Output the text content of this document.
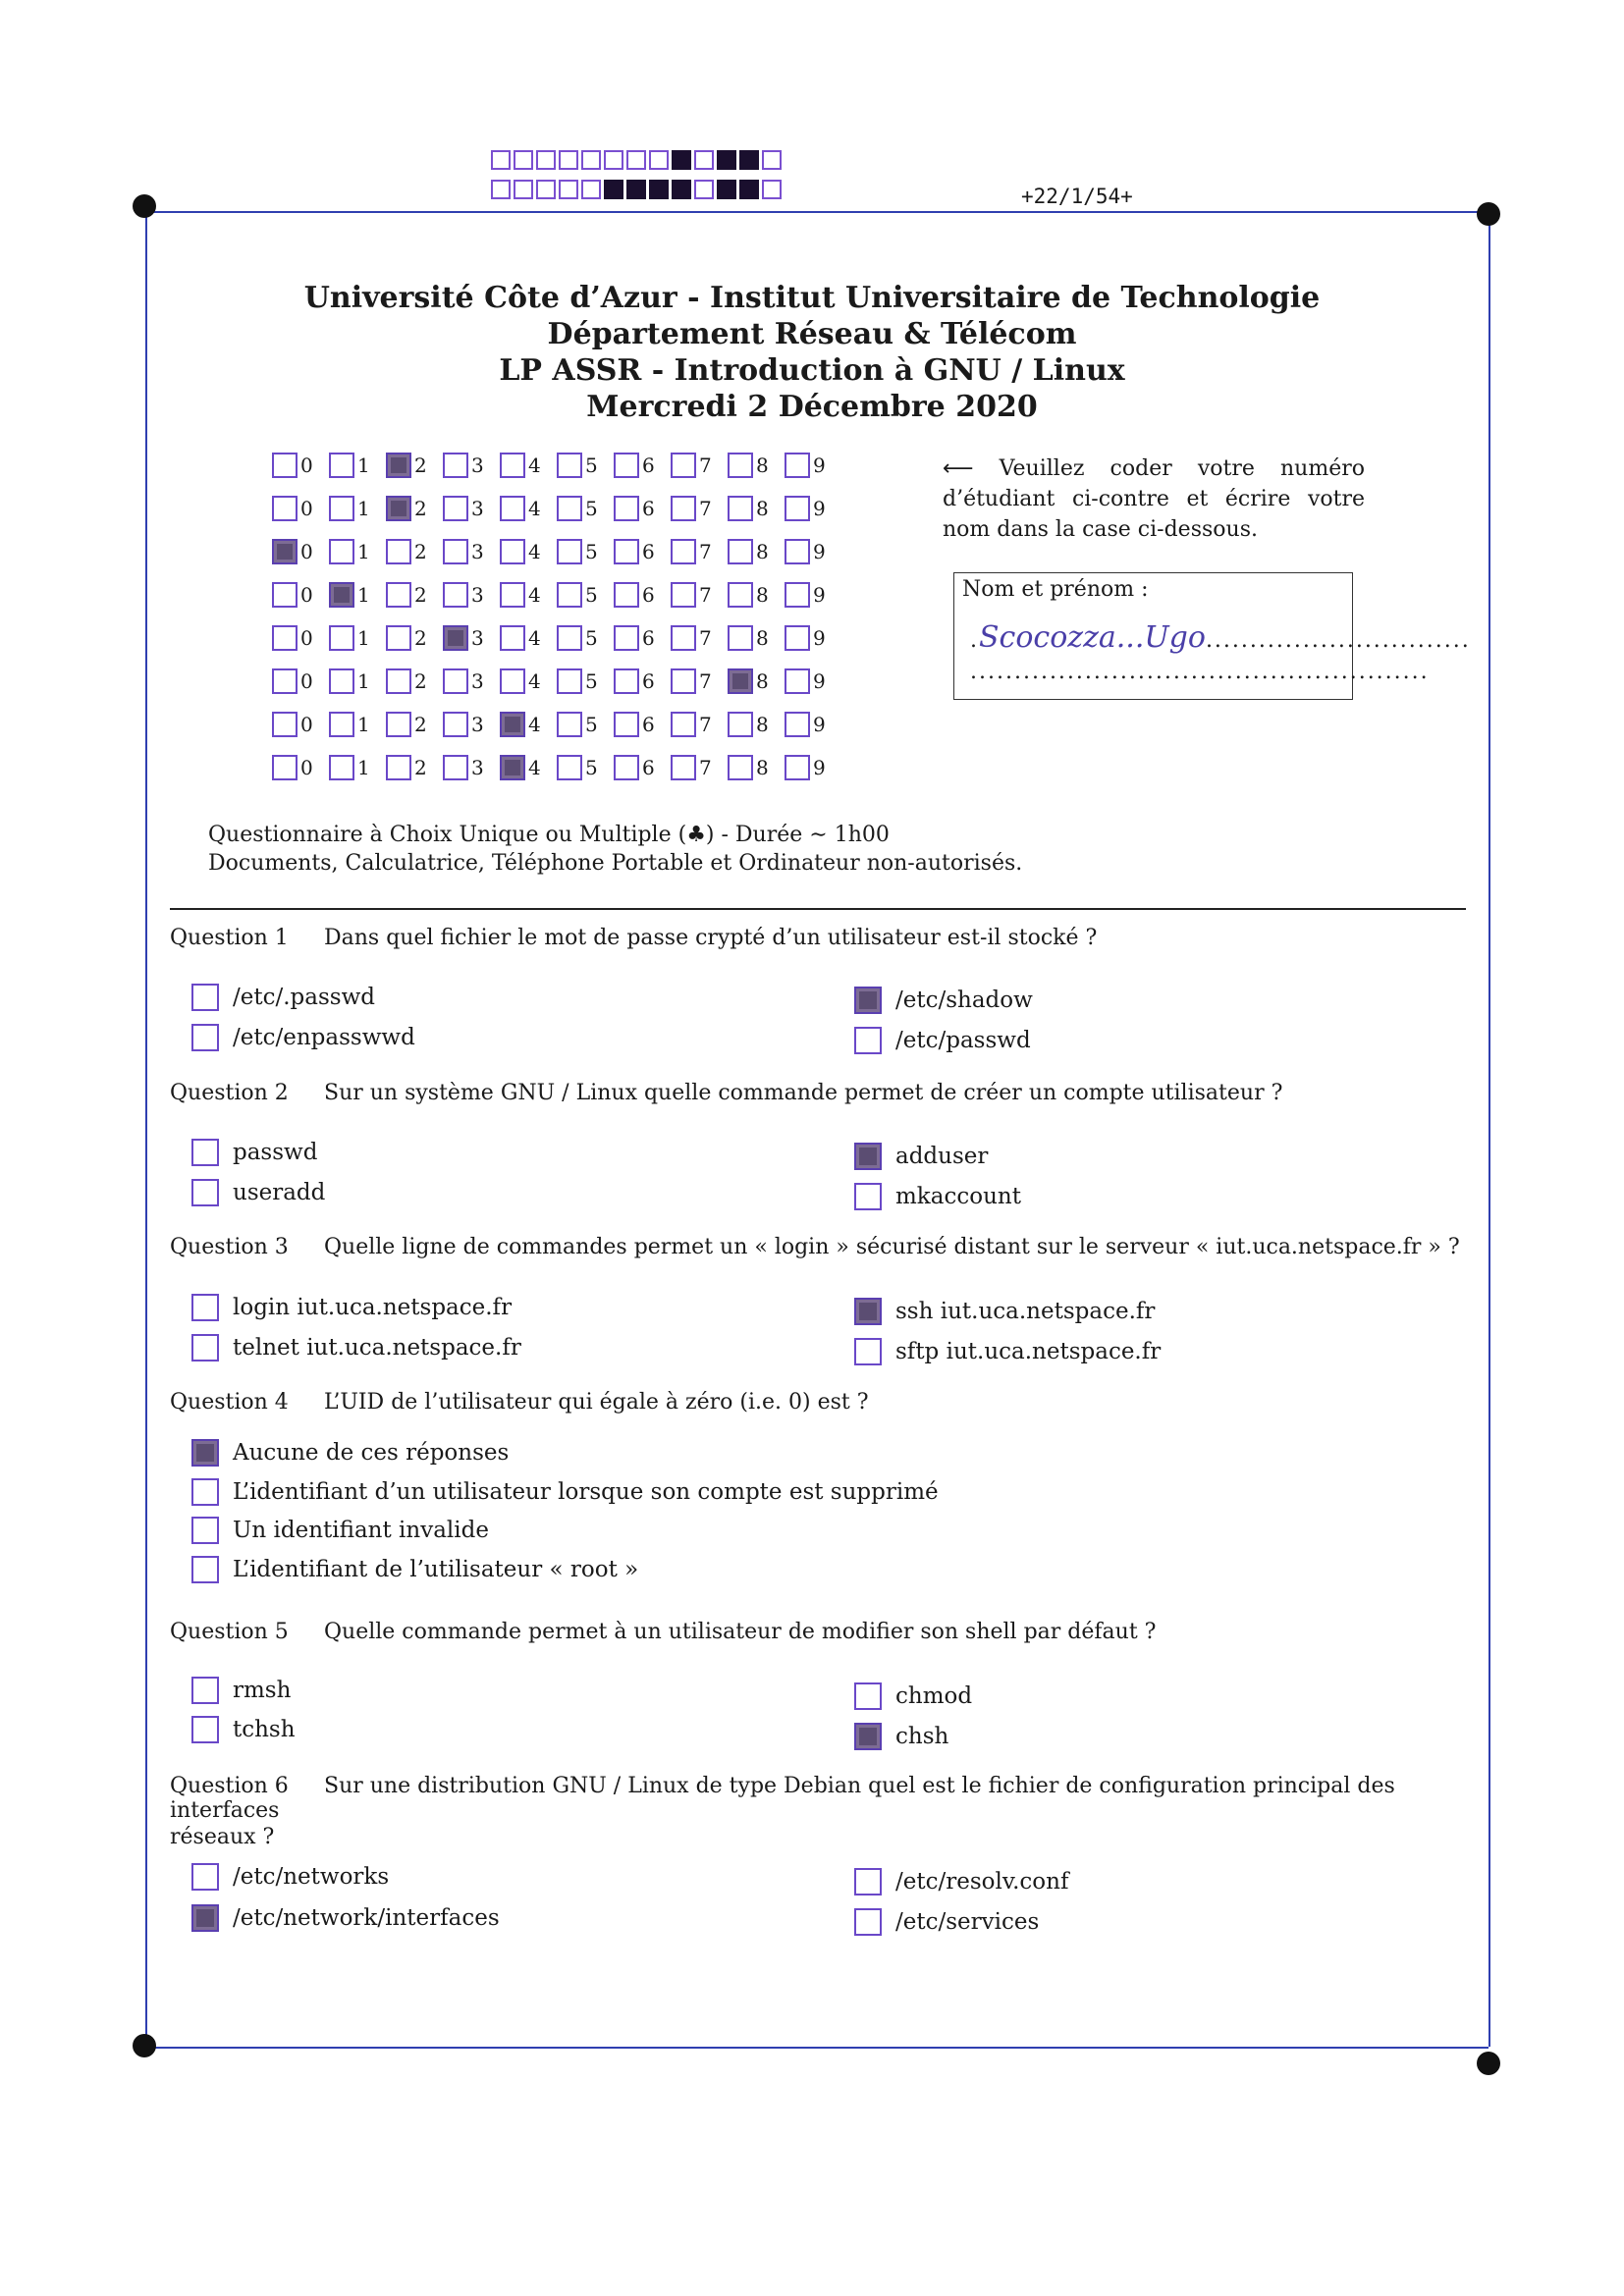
+22/1/54+
Université Côte d’Azur - Institut Universitaire de Technologie
Département Réseau & Télécom
LP ASSR - Introduction à GNU / Linux
Mercredi 2 Décembre 2020
0 1 2 3 4 5 6 7 8 9
0 1 2 3 4 5 6 7 8 9
0 1 2 3 4 5 6 7 8 9
0 1 2 3 4 5 6 7 8 9
0 1 2 3 4 5 6 7 8 9
0 1 2 3 4 5 6 7 8 9
0 1 2 3 4 5 6 7 8 9
0 1 2 3 4 5 6 7 8 9
⟵ Veuillez coder votre numéro d’étudiant ci-contre et écrire votre nom dans la case ci-dessous.
Nom et prénom :
.Scocozza...Ugo..............................
....................................................
Questionnaire à Choix Unique ou Multiple (♣) - Durée ∼ 1h00
Documents, Calculatrice, Téléphone Portable et Ordinateur non-autorisés.
Question 1 Dans quel fichier le mot de passe crypté d’un utilisateur est-il stocké ?
/etc/.passwd
/etc/enpasswwd
/etc/shadow
/etc/passwd
Question 2 Sur un système GNU / Linux quelle commande permet de créer un compte utilisateur ?
passwd
useradd
adduser
mkaccount
Question 3 Quelle ligne de commandes permet un « login » sécurisé distant sur le serveur « iut.uca.netspace.fr » ?
login iut.uca.netspace.fr
telnet iut.uca.netspace.fr
ssh iut.uca.netspace.fr
sftp iut.uca.netspace.fr
Question 4 L’UID de l’utilisateur qui égale à zéro (i.e. 0) est ?
Aucune de ces réponses
L’identifiant d’un utilisateur lorsque son compte est supprimé
Un identifiant invalide
L’identifiant de l’utilisateur « root »
Question 5 Quelle commande permet à un utilisateur de modifier son shell par défaut ?
rmsh
tchsh
chmod
chsh
Question 6 Sur une distribution GNU / Linux de type Debian quel est le fichier de configuration principal des interfaces
réseaux ?
/etc/networks
/etc/network/interfaces
/etc/resolv.conf
/etc/services
